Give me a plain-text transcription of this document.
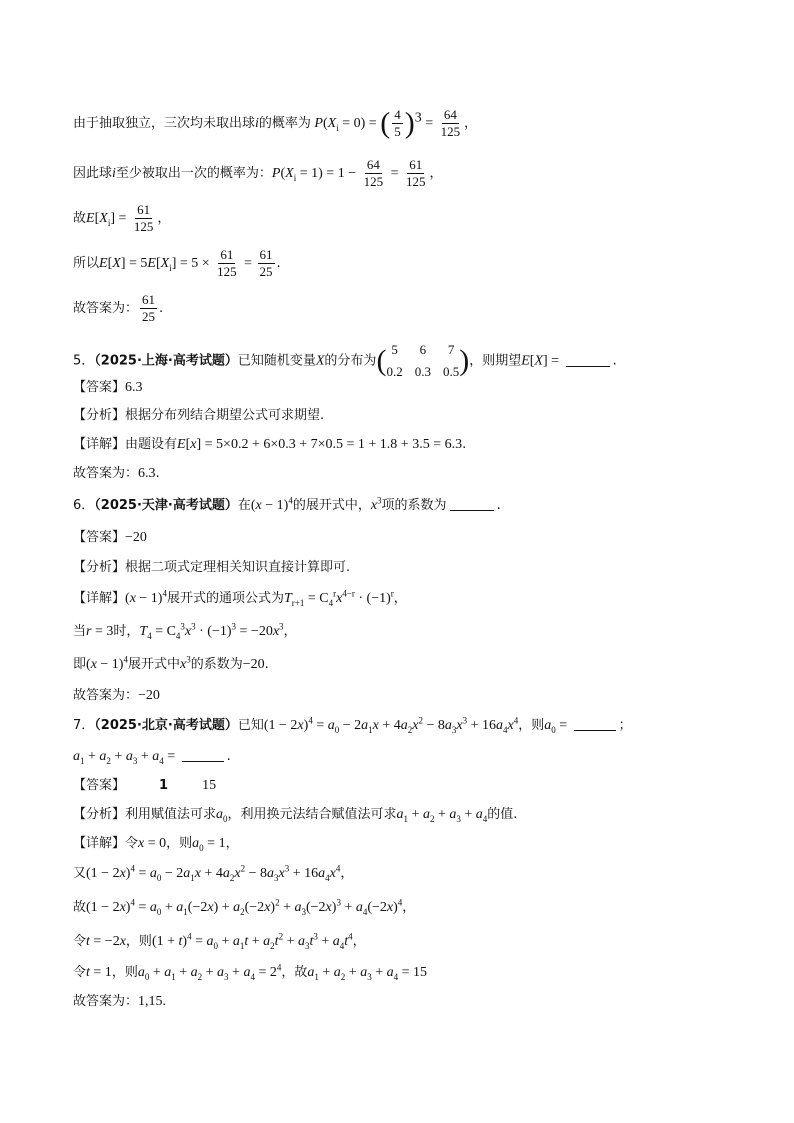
由于抽取独立，三次均未取出球i的概率为 $P(X_i = 0)$ = ( $\frac{4}{5} )^3 = \frac{64}{125}$ ，
因此球i至少被取出一次的概率为：$P(X_i = 1) = 1 - \frac{64}{125} = \frac{61}{125}$ ，
故$E[X_i] = \frac{61}{125}$ ，
所以$E[X] = 5E[X_i] = 5 \times \frac{61}{125} = \frac{61}{25}$ .
故答案为： $\frac{61}{25}$ .
5．（2025·上海·高考试题）已知随机变量X的分布为( 5	6	7
0.2 0.3 0.5 )，则期望E[X] =	.
【答案】6.3
【分析】根据分布列结合期望公式可求期望.
【详解】由题设有E[x] = 5×0.2 + 6×0.3 + 7×0.5 = 1 + 1.8 + 3.5 = 6.3.
故答案为：6.3.
6．（2025·天津·高考试题）在$(x - 1)^4$的展开式中，$x^3$项的系数为	.
【答案】−20
【分析】根据二项式定理相关知识直接计算即可.
【详解】$(x - 1)^4$展开式的通项公式为$T_{r+1} = C_4^rx^{4-r} \cdot (-1)^r$，
当r = 3时，$T_4 = C_4^3x^3 \cdot (-1)^3 = -20x^3$，
即$(x - 1)^4$展开式中$x^3$的系数为−20.
故答案为：−20
7．（2025·北京·高考试题）已知$(1 - 2x)^4 = a_0 - 2a_1x + 4a_2x^2 - 8a_3x^3 + 16a_4x^4$，则$a_0$ =	；
$a_1 + a_2 + a_3 + a_4$ =	.
【答案】	1 15
【分析】利用赋值法可求$a_0$，利用换元法结合赋值法可求$a_1 + a_2 + a_3 + a_4$的值.
【详解】令x = 0，则$a_0 = 1$，
又$(1 - 2x)^4 = a_0 - 2a_1x + 4a_2x^2 - 8a_3x^3 + 16a_4x^4$，
故$(1 - 2x)^4 = a_0 + a_1(-2x) + a_2(-2x)^2 + a_3(-2x)^3 + a_4(-2x)^4$，
令t = −2x，则$(1 + t)^4 = a_0 + a_1t + a_2t^2 + a_3t^3 + a_4t^4$，
令t = 1，则$a_0 + a_1 + a_2 + a_3 + a_4 = 2^4$，故$a_1 + a_2 + a_3 + a_4 = 15$
故答案为：1,15.
